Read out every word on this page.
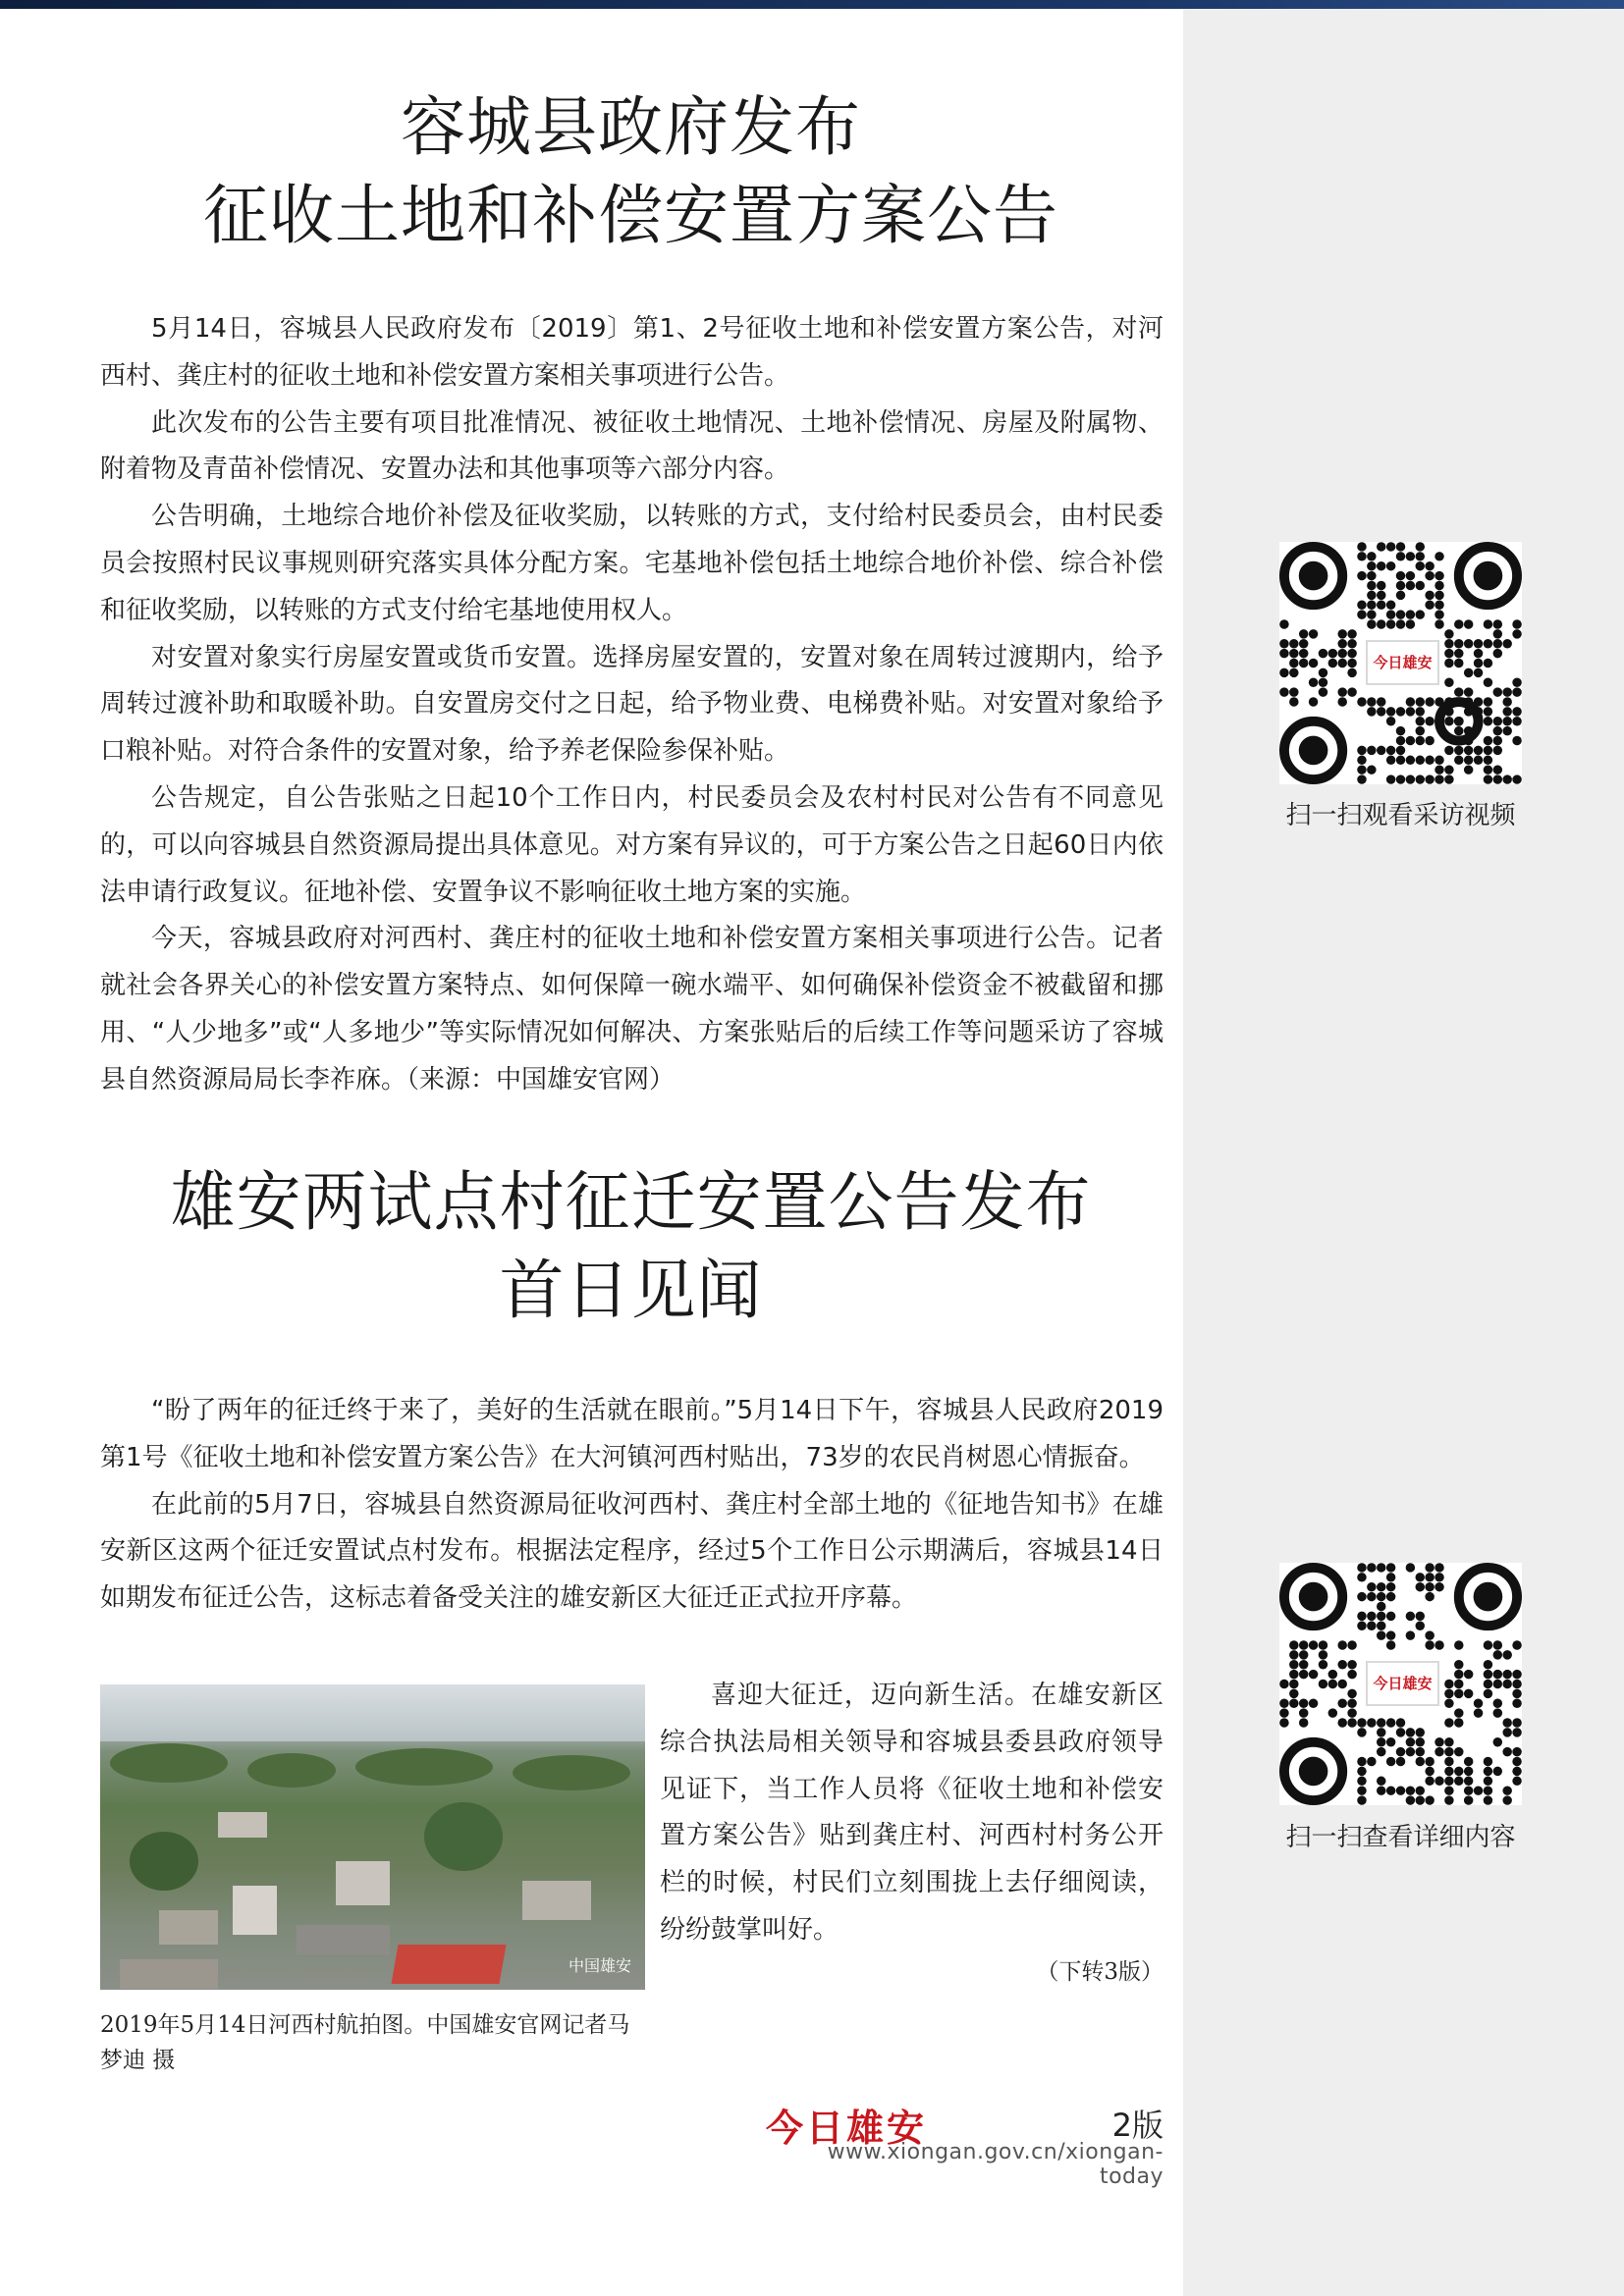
容城县政府发布
征收土地和补偿安置方案公告

5月14日，容城县人民政府发布〔2019〕第1、2号征收土地和补偿安置方案公告，对河西村、龚庄村的征收土地和补偿安置方案相关事项进行公告。

此次发布的公告主要有项目批准情况、被征收土地情况、土地补偿情况、房屋及附属物、附着物及青苗补偿情况、安置办法和其他事项等六部分内容。

公告明确，土地综合地价补偿及征收奖励，以转账的方式，支付给村民委员会，由村民委员会按照村民议事规则研究落实具体分配方案。宅基地补偿包括土地综合地价补偿、综合补偿和征收奖励，以转账的方式支付给宅基地使用权人。

对安置对象实行房屋安置或货币安置。选择房屋安置的，安置对象在周转过渡期内，给予周转过渡补助和取暖补助。自安置房交付之日起，给予物业费、电梯费补贴。对安置对象给予口粮补贴。对符合条件的安置对象，给予养老保险参保补贴。

公告规定，自公告张贴之日起10个工作日内，村民委员会及农村村民对公告有不同意见的，可以向容城县自然资源局提出具体意见。对方案有异议的，可于方案公告之日起60日内依法申请行政复议。征地补偿、安置争议不影响征收土地方案的实施。

今天，容城县政府对河西村、龚庄村的征收土地和补偿安置方案相关事项进行公告。记者就社会各界关心的补偿安置方案特点、如何保障一碗水端平、如何确保补偿资金不被截留和挪用、“人少地多”或“人多地少”等实际情况如何解决、方案张贴后的后续工作等问题采访了容城县自然资源局局长李祚庥。（来源：中国雄安官网）

雄安两试点村征迁安置公告发布
首日见闻

“盼了两年的征迁终于来了，美好的生活就在眼前。”5月14日下午，容城县人民政府2019第1号《征收土地和补偿安置方案公告》在大河镇河西村贴出，73岁的农民肖树恩心情振奋。

在此前的5月7日，容城县自然资源局征收河西村、龚庄村全部土地的《征地告知书》在雄安新区这两个征迁安置试点村发布。根据法定程序，经过5个工作日公示期满后，容城县14日如期发布征迁公告，这标志着备受关注的雄安新区大征迁正式拉开序幕。

中国雄安
2019年5月14日河西村航拍图。中国雄安官网记者马梦迪 摄

喜迎大征迁，迈向新生活。在雄安新区综合执法局相关领导和容城县委县政府领导见证下，当工作人员将《征收土地和补偿安置方案公告》贴到龚庄村、河西村村务公开栏的时候，村民们立刻围拢上去仔细阅读，纷纷鼓掌叫好。

（下转3版）
今日雄安
扫一扫观看采访视频
今日雄安
扫一扫查看详细内容
今日雄安	2版
www.xiongan.gov.cn/xiongan-today
